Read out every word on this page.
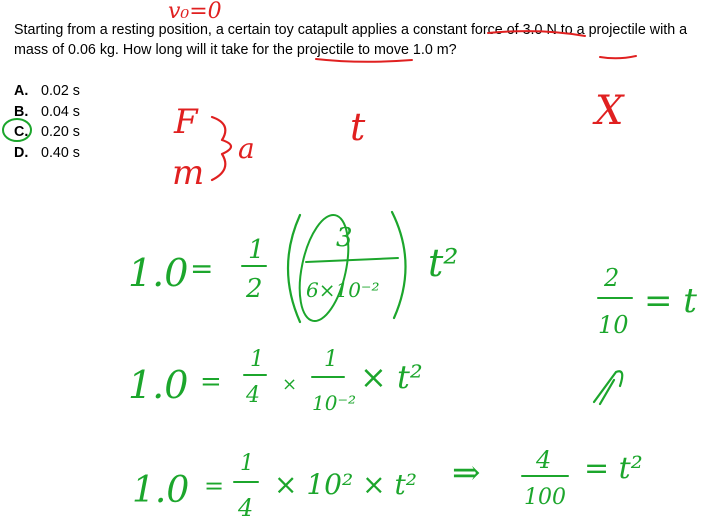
Starting from a resting position, a certain toy catapult applies a constant force of 3.0 N to a projectile with a mass of 0.06 kg. How long will it take for the projectile to move 1.0 m?
A. 0.02 s
B. 0.04 s
C. 0.20 s
D. 0.40 s
v₀=0
F
m
a	t	X
1.0 =
1
2
3
6×10⁻²
t²	2
10
= t
1.0 =
1
4 ×
1
10⁻²
× t²
1.0 =
1
4
× 10² × t² ⇒ 4
100
= t²
